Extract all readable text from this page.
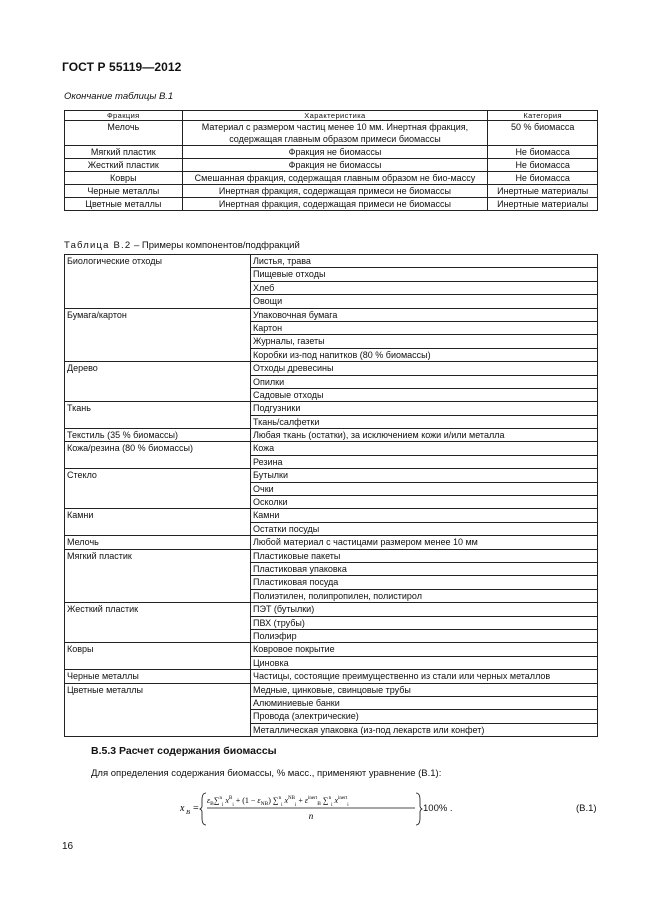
ГОСТ Р 55119—2012
Окончание таблицы В.1
Фракция	Характеристика	Категория
Мелочь	Материал с размером частиц менее 10 мм. Инертная фракция, содержащая главным образом примеси биомассы	50 % биомасса
Мягкий пластик	Фракция не биомассы	Не биомасса
Жесткий пластик	Фракция не биомассы	Не биомасса
Ковры	Смешанная фракция, содержащая главным образом не био-массу	Не биомасса
Черные металлы	Инертная фракция, содержащая примеси не биомассы	Инертные материалы
Цветные металлы	Инертная фракция, содержащая примеси не биомассы	Инертные материалы
Таблица В.2 – Примеры компонентов/подфракций
Биологические отходы	Листья, трава
	Пищевые отходы
	Хлеб
	Овощи
Бумага/картон	Упаковочная бумага
	Картон
	Журналы, газеты
	Коробки из-под напитков (80 % биомассы)
Дерево	Отходы древесины
	Опилки
	Садовые отходы
Ткань	Подгузники
	Ткань/салфетки
Текстиль (35 % биомассы)	Любая ткань (остатки), за исключением кожи и/или металла
Кожа/резина (80 % биомассы)	Кожа
	Резина
Стекло	Бутылки
	Очки
	Осколки
Камни	Камни
	Остатки посуды
Мелочь	Любой материал с частицами размером менее 10 мм
Мягкий пластик	Пластиковые пакеты
	Пластиковая упаковка
	Пластиковая посуда
	Полиэтилен, полипропилен, полистирол
Жесткий пластик	ПЭТ (бутылки)
	ПВХ (трубы)
	Полиэфир
Ковры	Ковровое покрытие
	Циновка
Черные металлы	Частицы, состоящие преимущественно из стали или черных металлов
Цветные металлы	Медные, цинковые, свинцовые трубы
	Алюминиевые банки
	Провода (электрические)
	Металлическая упаковка (из-под лекарств или конфет)
В.5.3 Расчет содержания биомассы
Для определения содержания биомассы, % масс., применяют уравнение (В.1):
x B =
$\varepsilon_B\sum^n_i$ $x^B_i + (1 - \varepsilon_{NB})$ ∑$^n_i$ $x^{NB}_i + \varepsilon^{inert}_B$ ∑$^n_i$ $x^{inert}_i$
n
100% .	(В.1)
16
